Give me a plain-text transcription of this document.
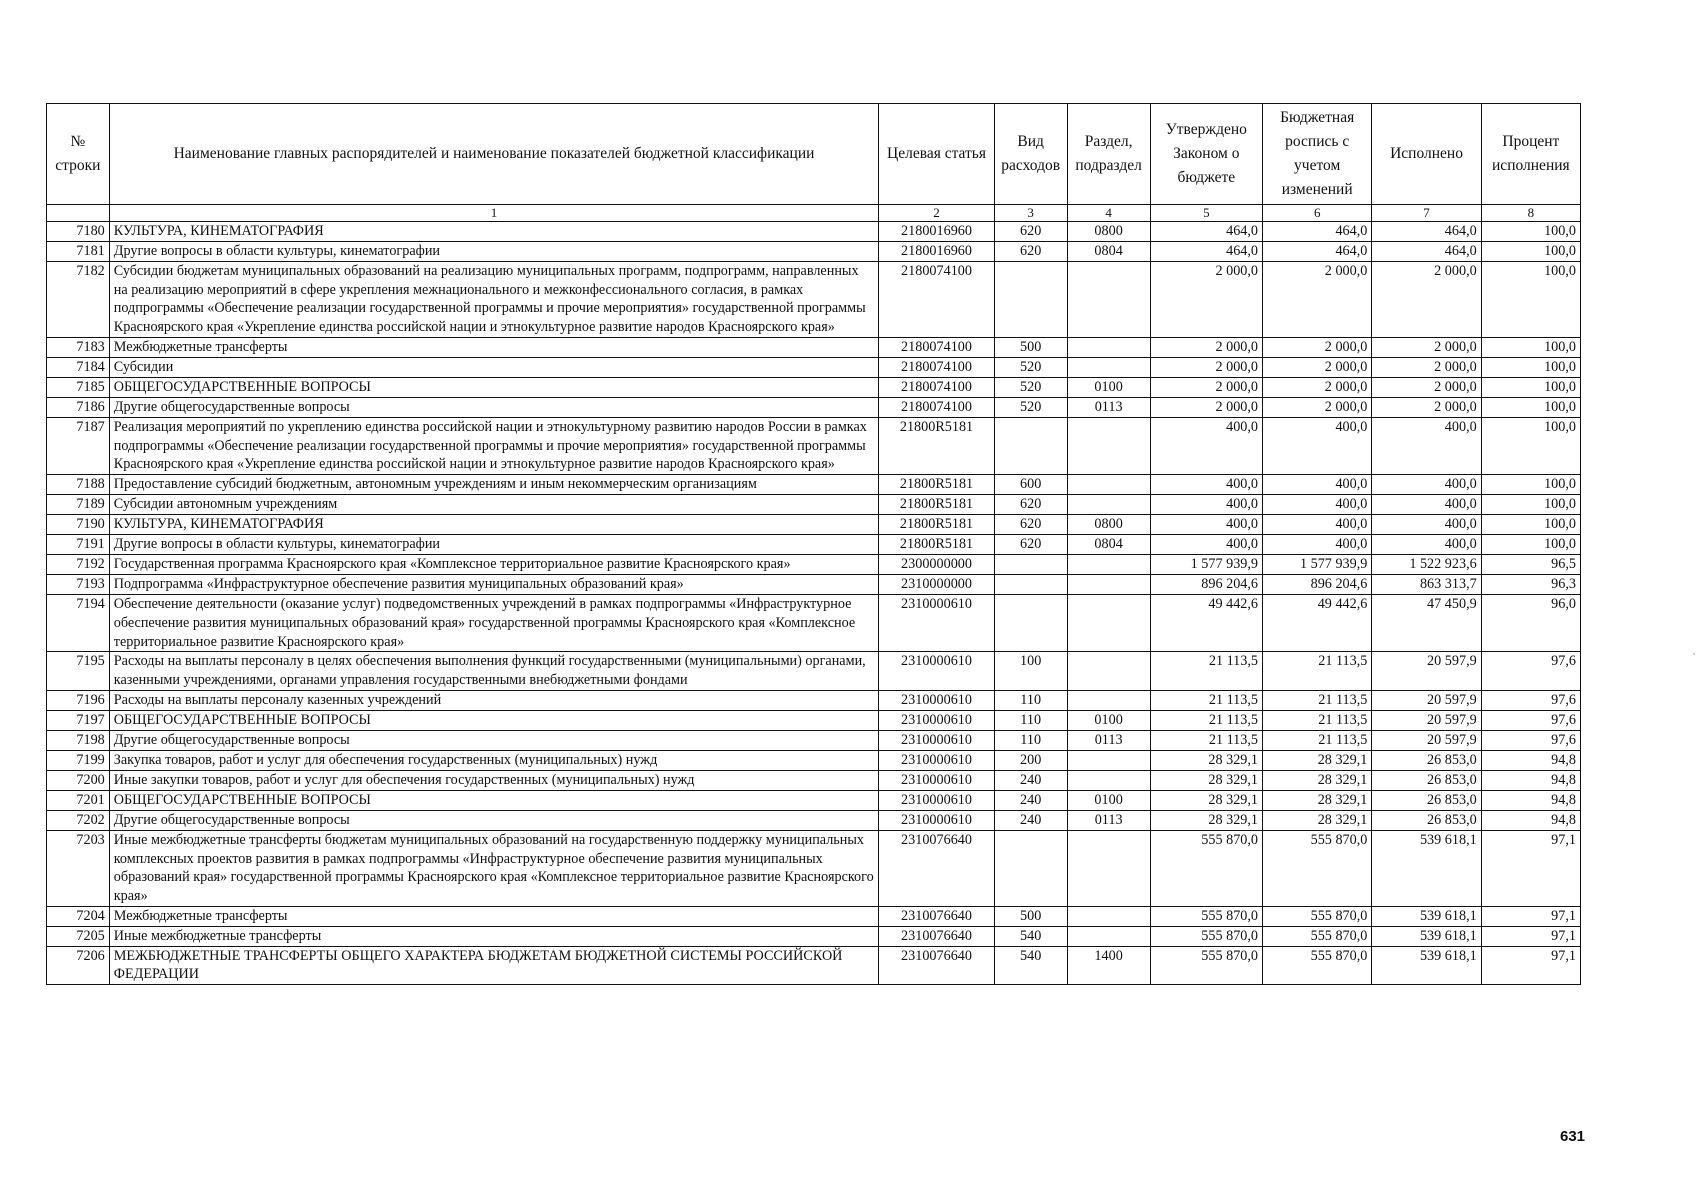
№ строки	Наименование главных распорядителей и наименование показателей бюджетной классификации	Целевая статья	Вид расходов	Раздел, подраздел	Утверждено Законом о бюджете	Бюджетная роспись с учетом изменений	Исполнено	Процент исполнения
	1	2	3	4	5	6	7	8
7180	КУЛЬТУРА, КИНЕМАТОГРАФИЯ	2180016960	620	0800	464,0	464,0	464,0	100,0
7181	Другие вопросы в области культуры, кинематографии	2180016960	620	0804	464,0	464,0	464,0	100,0
7182	Субсидии бюджетам муниципальных образований на реализацию муниципальных программ, подпрограмм, направленных на реализацию мероприятий в сфере укрепления межнационального и межконфессионального согласия, в рамках подпрограммы «Обеспечение реализации государственной программы и прочие мероприятия» государственной программы Красноярского края «Укрепление единства российской нации и этнокультурное развитие народов Красноярского края»	2180074100			2 000,0	2 000,0	2 000,0	100,0
7183	Межбюджетные трансферты	2180074100	500		2 000,0	2 000,0	2 000,0	100,0
7184	Субсидии	2180074100	520		2 000,0	2 000,0	2 000,0	100,0
7185	ОБЩЕГОСУДАРСТВЕННЫЕ ВОПРОСЫ	2180074100	520	0100	2 000,0	2 000,0	2 000,0	100,0
7186	Другие общегосударственные вопросы	2180074100	520	0113	2 000,0	2 000,0	2 000,0	100,0
7187	Реализация мероприятий по укреплению единства российской нации и этнокультурному развитию народов России в рамках подпрограммы «Обеспечение реализации государственной программы и прочие мероприятия» государственной программы Красноярского края «Укрепление единства российской нации и этнокультурное развитие народов Красноярского края»	21800R5181			400,0	400,0	400,0	100,0
7188	Предоставление субсидий бюджетным, автономным учреждениям и иным некоммерческим организациям	21800R5181	600		400,0	400,0	400,0	100,0
7189	Субсидии автономным учреждениям	21800R5181	620		400,0	400,0	400,0	100,0
7190	КУЛЬТУРА, КИНЕМАТОГРАФИЯ	21800R5181	620	0800	400,0	400,0	400,0	100,0
7191	Другие вопросы в области культуры, кинематографии	21800R5181	620	0804	400,0	400,0	400,0	100,0
7192	Государственная программа Красноярского края «Комплексное территориальное развитие Красноярского края»	2300000000			1 577 939,9	1 577 939,9	1 522 923,6	96,5
7193	Подпрограмма «Инфраструктурное обеспечение развития муниципальных образований края»	2310000000			896 204,6	896 204,6	863 313,7	96,3
7194	Обеспечение деятельности (оказание услуг) подведомственных учреждений в рамках подпрограммы «Инфраструктурное обеспечение развития муниципальных образований края» государственной программы Красноярского края «Комплексное территориальное развитие Красноярского края»	2310000610			49 442,6	49 442,6	47 450,9	96,0
7195	Расходы на выплаты персоналу в целях обеспечения выполнения функций государственными (муниципальными) органами, казенными учреждениями, органами управления государственными внебюджетными фондами	2310000610	100		21 113,5	21 113,5	20 597,9	97,6
7196	Расходы на выплаты персоналу казенных учреждений	2310000610	110		21 113,5	21 113,5	20 597,9	97,6
7197	ОБЩЕГОСУДАРСТВЕННЫЕ ВОПРОСЫ	2310000610	110	0100	21 113,5	21 113,5	20 597,9	97,6
7198	Другие общегосударственные вопросы	2310000610	110	0113	21 113,5	21 113,5	20 597,9	97,6
7199	Закупка товаров, работ и услуг для обеспечения государственных (муниципальных) нужд	2310000610	200		28 329,1	28 329,1	26 853,0	94,8
7200	Иные закупки товаров, работ и услуг для обеспечения государственных (муниципальных) нужд	2310000610	240		28 329,1	28 329,1	26 853,0	94,8
7201	ОБЩЕГОСУДАРСТВЕННЫЕ ВОПРОСЫ	2310000610	240	0100	28 329,1	28 329,1	26 853,0	94,8
7202	Другие общегосударственные вопросы	2310000610	240	0113	28 329,1	28 329,1	26 853,0	94,8
7203	Иные межбюджетные трансферты бюджетам муниципальных образований на государственную поддержку муниципальных комплексных проектов развития в рамках подпрограммы «Инфраструктурное обеспечение развития муниципальных образований края» государственной программы Красноярского края «Комплексное территориальное развитие Красноярского края»	2310076640			555 870,0	555 870,0	539 618,1	97,1
7204	Межбюджетные трансферты	2310076640	500		555 870,0	555 870,0	539 618,1	97,1
7205	Иные межбюджетные трансферты	2310076640	540		555 870,0	555 870,0	539 618,1	97,1
7206	МЕЖБЮДЖЕТНЫЕ ТРАНСФЕРТЫ ОБЩЕГО ХАРАКТЕРА БЮДЖЕТАМ БЮДЖЕТНОЙ СИСТЕМЫ РОССИЙСКОЙ ФЕДЕРАЦИИ	2310076640	540	1400	555 870,0	555 870,0	539 618,1	97,1
631
·
